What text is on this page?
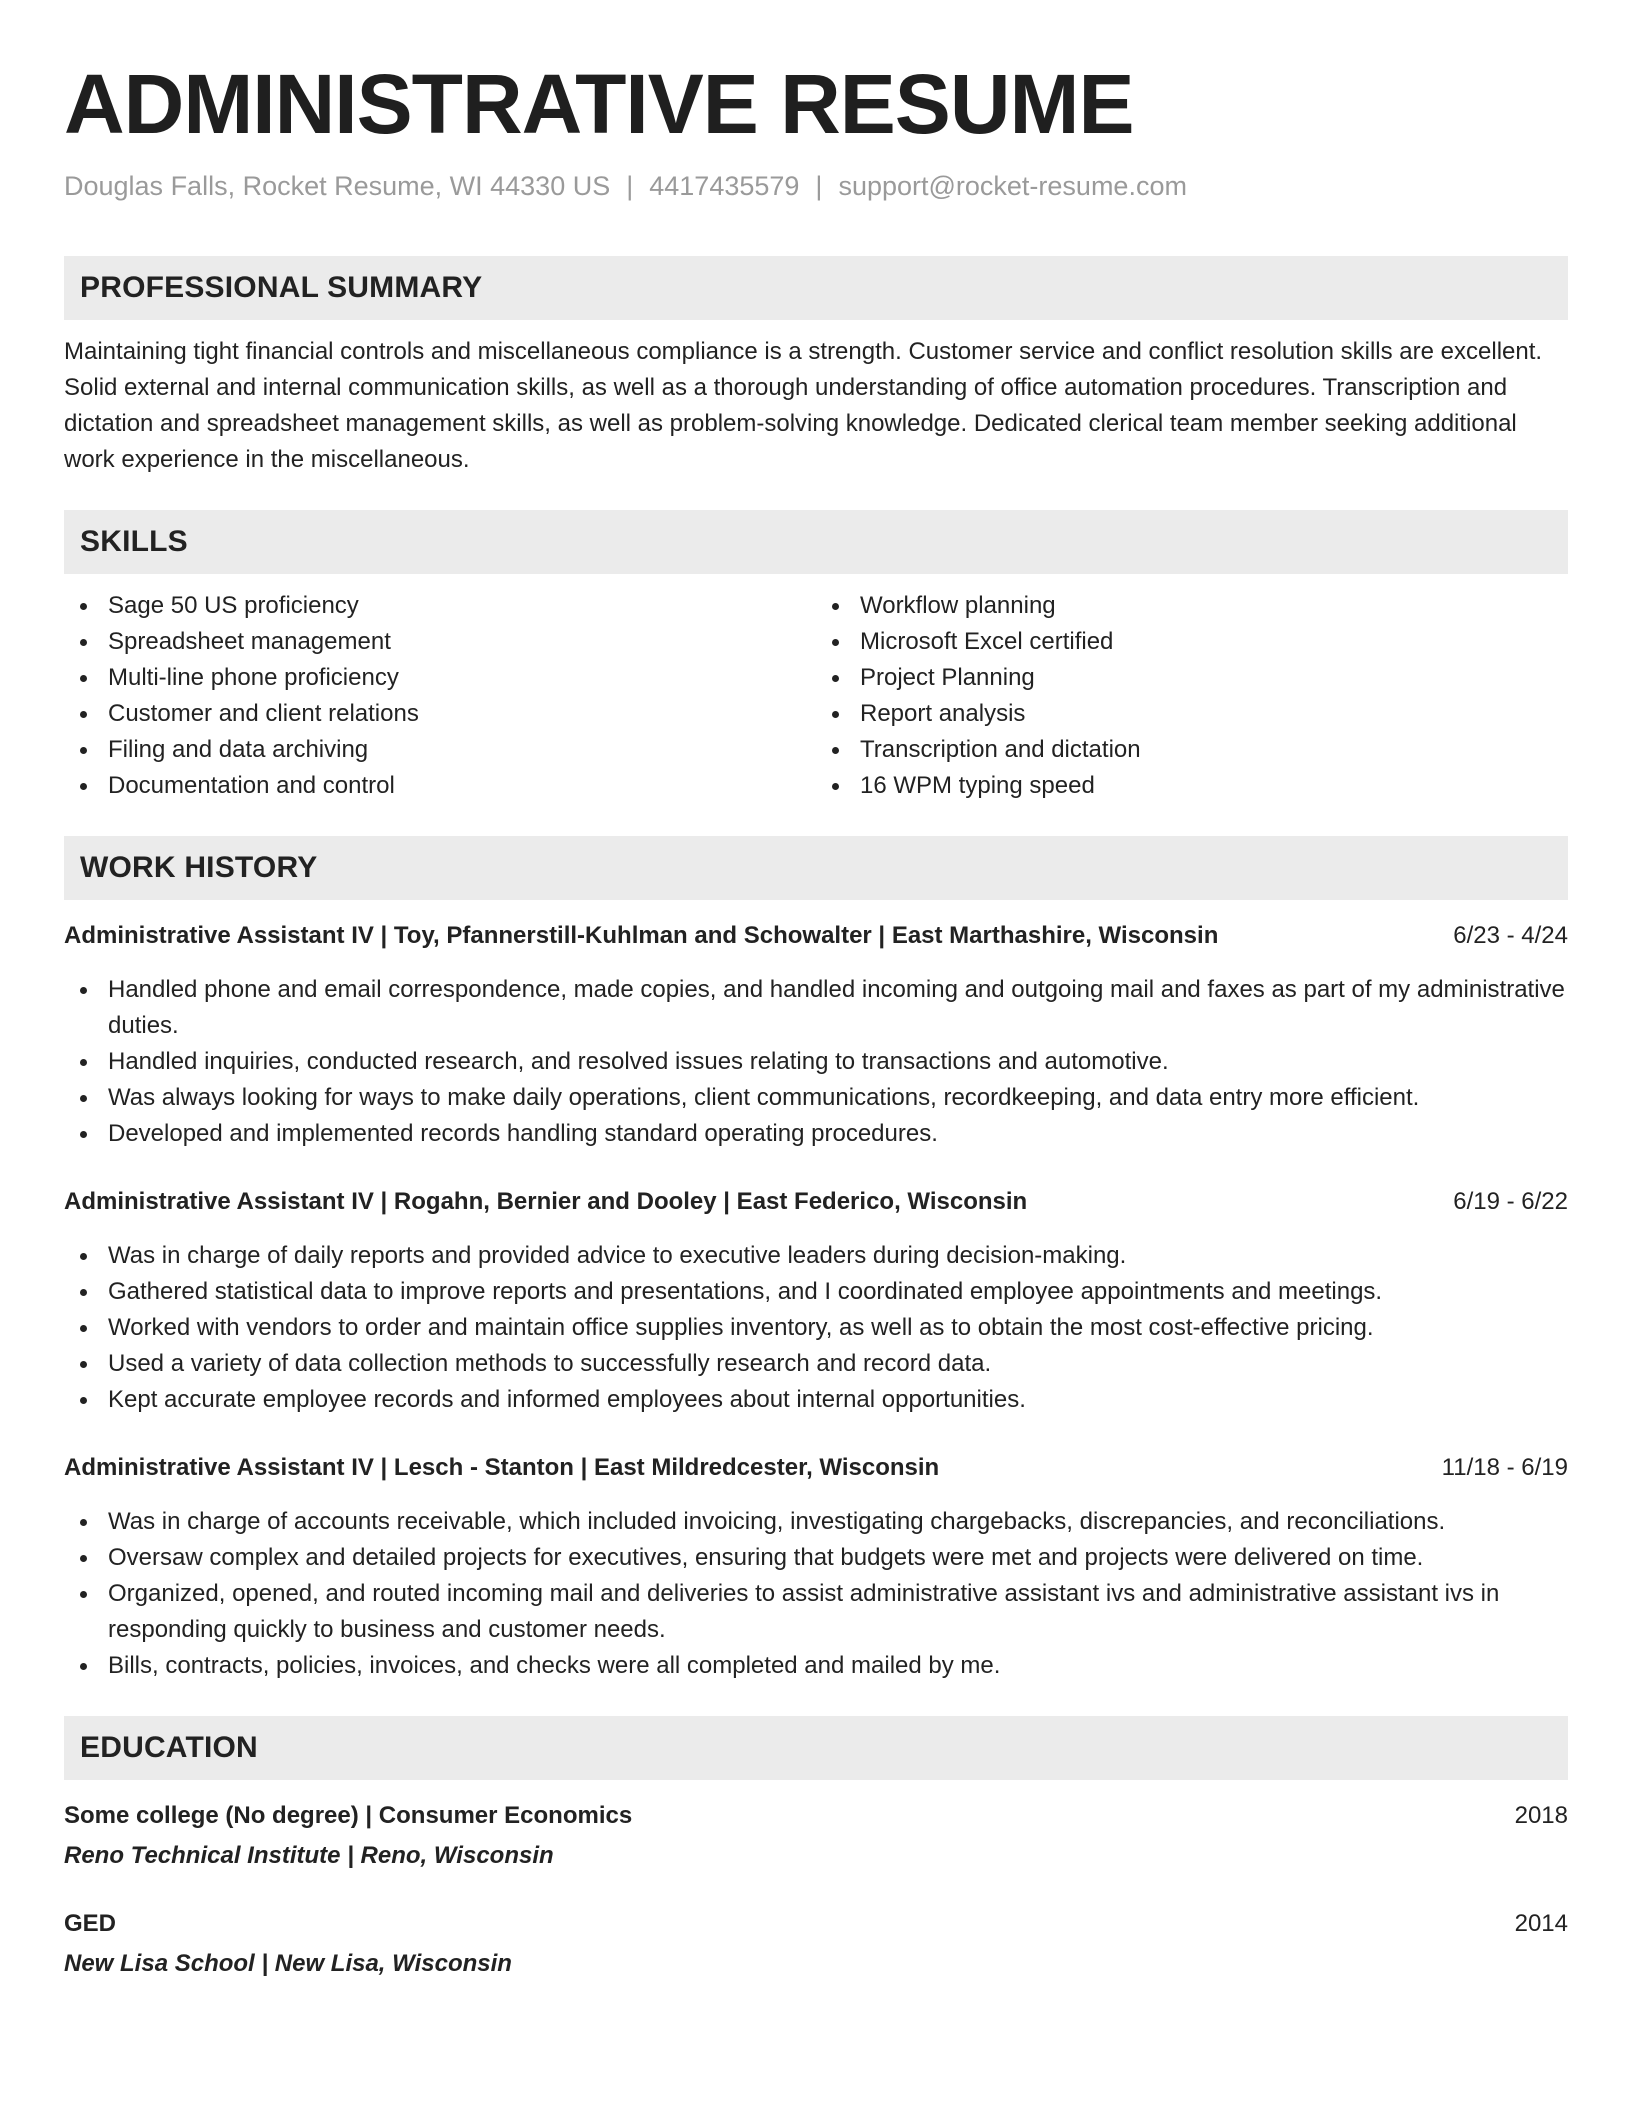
ADMINISTRATIVE RESUME
Douglas Falls, Rocket Resume, WI 44330 US | 4417435579 | support@rocket-resume.com
PROFESSIONAL SUMMARY
Maintaining tight financial controls and miscellaneous compliance is a strength. Customer service and conflict resolution skills are excellent. Solid external and internal communication skills, as well as a thorough understanding of office automation procedures. Transcription and dictation and spreadsheet management skills, as well as problem-solving knowledge. Dedicated clerical team member seeking additional work experience in the miscellaneous.
SKILLS
Sage 50 US proficiency
Spreadsheet management
Multi-line phone proficiency
Customer and client relations
Filing and data archiving
Documentation and control
Workflow planning
Microsoft Excel certified
Project Planning
Report analysis
Transcription and dictation
16 WPM typing speed
WORK HISTORY
Administrative Assistant IV | Toy, Pfannerstill-Kuhlman and Schowalter | East Marthashire, Wisconsin	6/23 - 4/24
Handled phone and email correspondence, made copies, and handled incoming and outgoing mail and faxes as part of my administrative duties.
Handled inquiries, conducted research, and resolved issues relating to transactions and automotive.
Was always looking for ways to make daily operations, client communications, recordkeeping, and data entry more efficient.
Developed and implemented records handling standard operating procedures.
Administrative Assistant IV | Rogahn, Bernier and Dooley | East Federico, Wisconsin	6/19 - 6/22
Was in charge of daily reports and provided advice to executive leaders during decision-making.
Gathered statistical data to improve reports and presentations, and I coordinated employee appointments and meetings.
Worked with vendors to order and maintain office supplies inventory, as well as to obtain the most cost-effective pricing.
Used a variety of data collection methods to successfully research and record data.
Kept accurate employee records and informed employees about internal opportunities.
Administrative Assistant IV | Lesch - Stanton | East Mildredcester, Wisconsin	11/18 - 6/19
Was in charge of accounts receivable, which included invoicing, investigating chargebacks, discrepancies, and reconciliations.
Oversaw complex and detailed projects for executives, ensuring that budgets were met and projects were delivered on time.
Organized, opened, and routed incoming mail and deliveries to assist administrative assistant ivs and administrative assistant ivs in responding quickly to business and customer needs.
Bills, contracts, policies, invoices, and checks were all completed and mailed by me.
EDUCATION
Some college (No degree) | Consumer Economics	2018
Reno Technical Institute | Reno, Wisconsin
GED	2014
New Lisa School | New Lisa, Wisconsin
